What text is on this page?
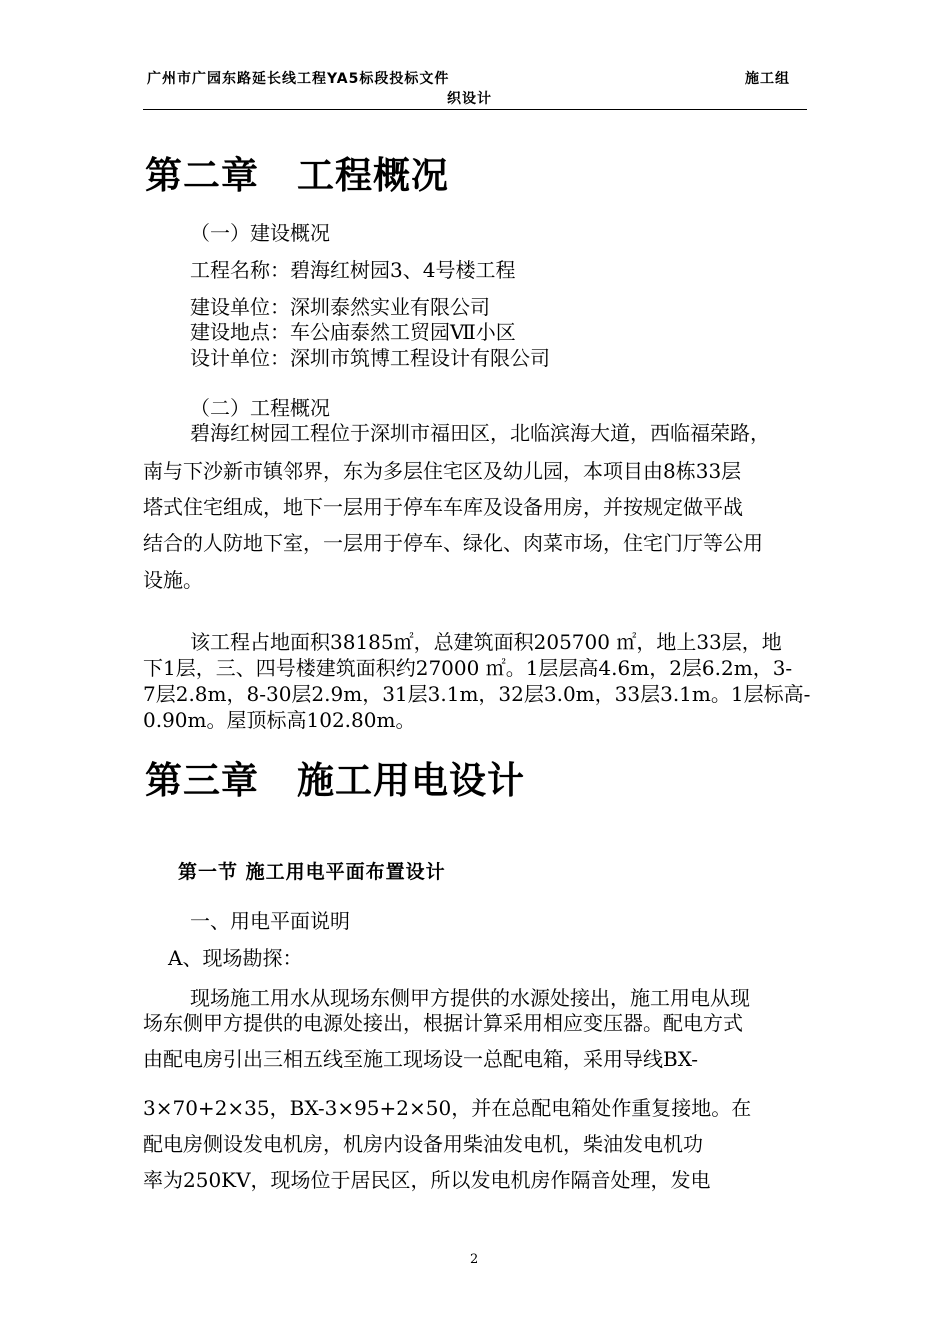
广州市广园东路延长线工程YA5标段投标文件
织设计
施工组
第二章　工程概况
（一）建设概况
工程名称：碧海红树园3、4号楼工程
建设单位：深圳泰然实业有限公司
建设地点：车公庙泰然工贸园Ⅶ小区
设计单位：深圳市筑博工程设计有限公司
（二）工程概况
碧海红树园工程位于深圳市福田区，北临滨海大道，西临福荣路，
南与下沙新市镇邻界，东为多层住宅区及幼儿园，本项目由8栋33层
塔式住宅组成，地下一层用于停车车库及设备用房，并按规定做平战
结合的人防地下室，一层用于停车、绿化、肉菜市场，住宅门厅等公用
设施。
该工程占地面积38185㎡，总建筑面积205700 ㎡，地上33层，地
下1层，三、四号楼建筑面积约27000 ㎡。1层层高4.6m，2层6.2m，3-
7层2.8m，8-30层2.9m，31层3.1m，32层3.0m，33层3.1m。1层标高-
0.90m。屋顶标高102.80m。
第三章　施工用电设计
第一节 施工用电平面布置设计
一、用电平面说明
A、现场勘探：
现场施工用水从现场东侧甲方提供的水源处接出，施工用电从现
场东侧甲方提供的电源处接出，根据计算采用相应变压器。配电方式
由配电房引出三相五线至施工现场设一总配电箱，采用导线BX-
3×70+2×35，BX-3×95+2×50，并在总配电箱处作重复接地。在
配电房侧设发电机房，机房内设备用柴油发电机，柴油发电机功
率为250KV，现场位于居民区，所以发电机房作隔音处理，发电
2
